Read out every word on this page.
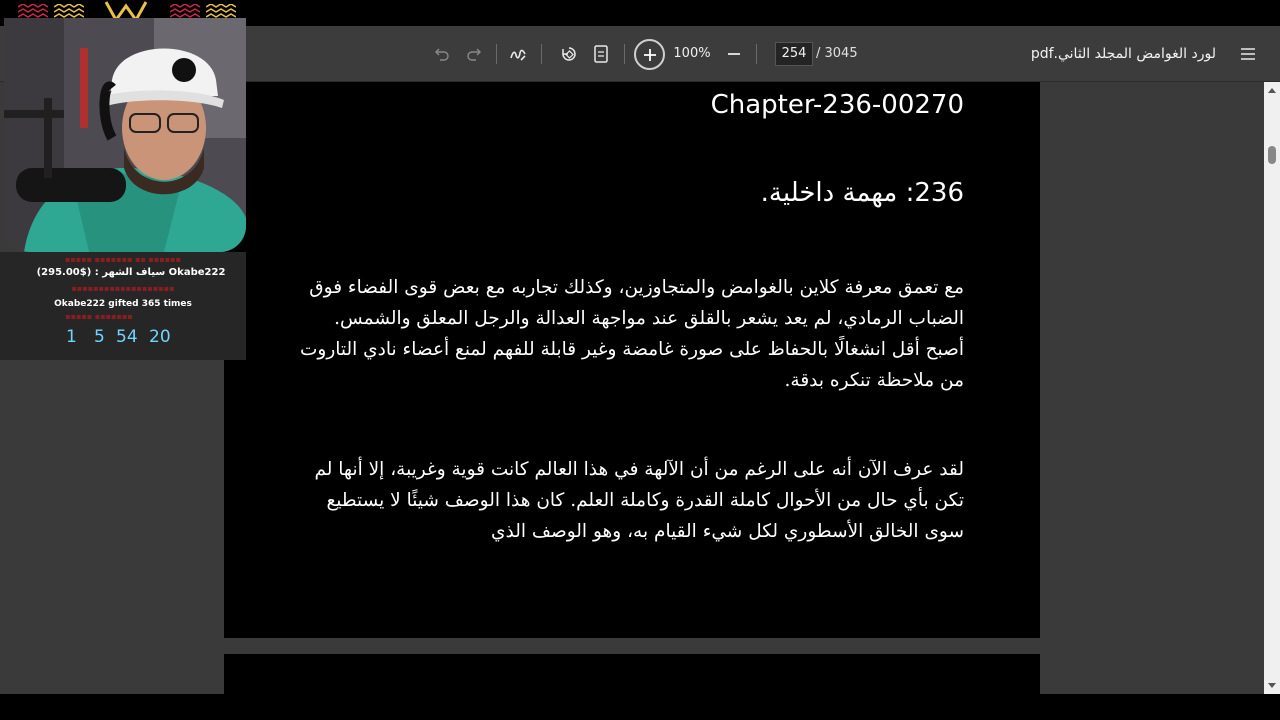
100%	254 / 3045	لورد الغوامض المجلد الثاني.pdf
Chapter-236-00270
236: مهمة داخلية.
مع تعمق معرفة كلاين بالغوامض والمتجاوزين، وكذلك تجاربه مع بعض قوى الفضاء فوق الضباب الرمادي، لم يعد يشعر بالقلق عند مواجهة العدالة والرجل المعلق والشمس. أصبح أقل انشغالًا بالحفاظ على صورة غامضة وغير قابلة للفهم لمنع أعضاء نادي التاروت من ملاحظة تنكره بدقة.
لقد عرف الآن أنه على الرغم من أن الآلهة في هذا العالم كانت قوية وغريبة، إلا أنها لم تكن بأي حال من الأحوال كاملة القدرة وكاملة العلم. كان هذا الوصف شيئًا لا يستطيع سوى الخالق الأسطوري لكل شيء القيام به، وهو الوصف الذي
▪▪▪▪▪ ▪▪▪▪▪▪▪ ▪▪ ▪▪▪▪▪▪
سياف الشهر : ($295.00) Okabe222
▪▪▪▪▪▪▪▪▪▪▪▪▪▪▪▪▪▪▪
Okabe222 gifted 365 times
▪▪▪▪▪ ▪▪▪▪▪▪▪
1	5 54 20
